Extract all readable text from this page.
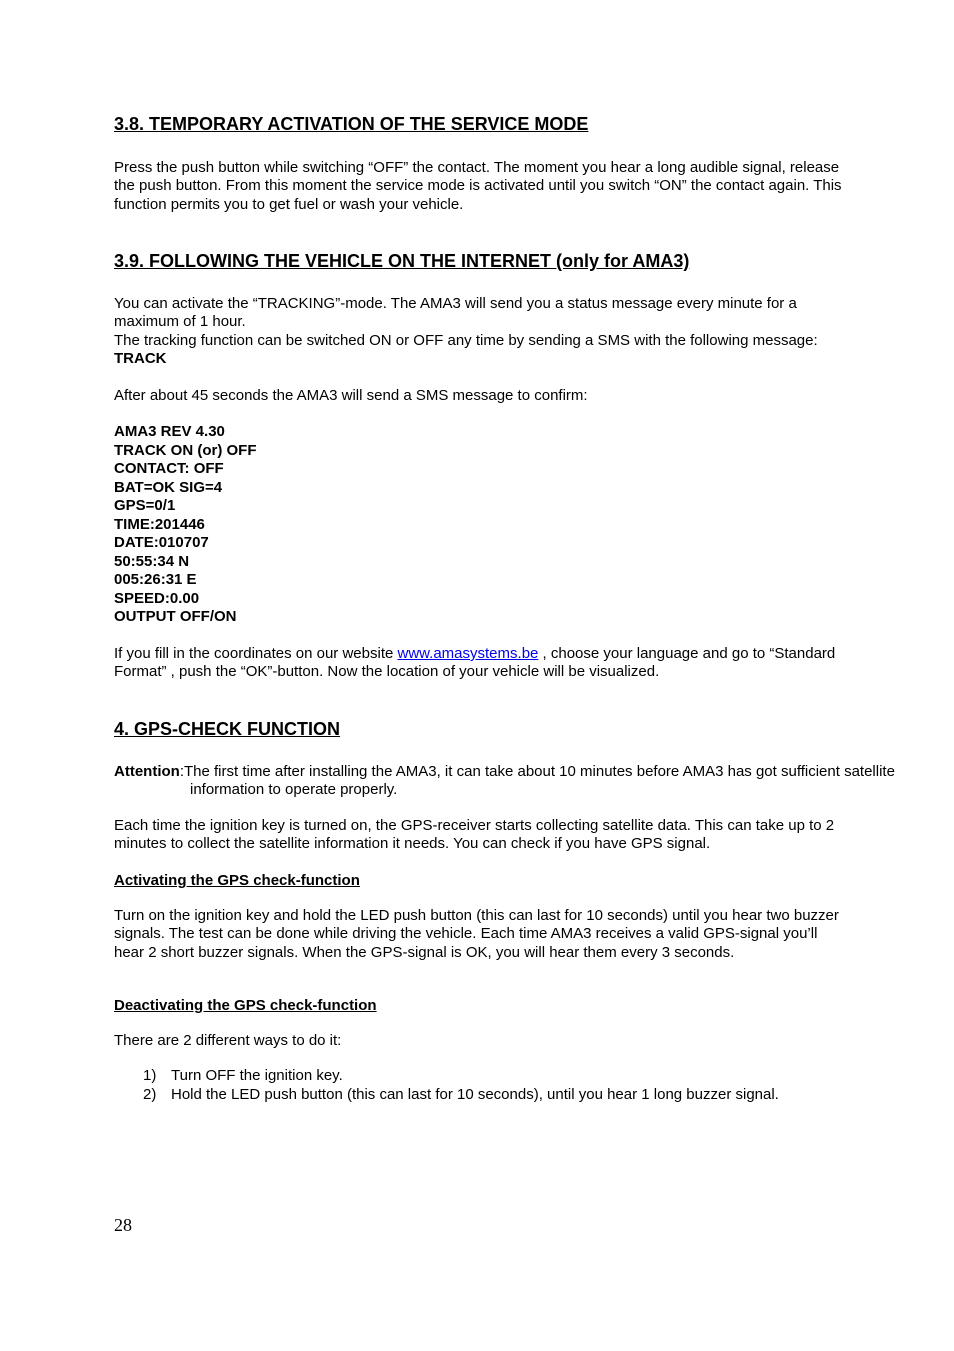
3.8. TEMPORARY ACTIVATION OF THE SERVICE MODE

Press the push button while switching “OFF” the contact. The moment you hear a long audible signal, release the push button. From this moment the service mode is activated until you switch “ON” the contact again. This function permits you to get fuel or wash your vehicle.

3.9. FOLLOWING THE VEHICLE ON THE INTERNET (only for AMA3)

You can activate the “TRACKING”-mode. The AMA3 will send you a status message every minute for a maximum of 1 hour.
The tracking function can be switched ON or OFF any time by sending a SMS with the following message: TRACK

After about 45 seconds the AMA3 will send a SMS message to confirm:

AMA3 REV 4.30
TRACK ON (or) OFF
CONTACT: OFF
BAT=OK SIG=4
GPS=0/1
TIME:201446
DATE:010707
50:55:34 N
005:26:31 E
SPEED:0.00
OUTPUT OFF/ON

If you fill in the coordinates on our website www.amasystems.be , choose your language and go to “Standard Format” , push the “OK”-button. Now the location of your vehicle will be visualized.

4. GPS-CHECK FUNCTION

Attention:The first time after installing the AMA3, it can take about 10 minutes before AMA3 has got sufficient satellite information to operate properly.

Each time the ignition key is turned on, the GPS-receiver starts collecting satellite data. This can take up to 2 minutes to collect the satellite information it needs. You can check if you have GPS signal.

Activating the GPS check-function

Turn on the ignition key and hold the LED push button (this can last for 10 seconds) until you hear two buzzer signals. The test can be done while driving the vehicle. Each time AMA3 receives a valid GPS-signal you’ll hear 2 short buzzer signals. When the GPS-signal is OK, you will hear them every 3 seconds.

Deactivating the GPS check-function

There are 2 different ways to do it:

1) Turn OFF the ignition key.
2) Hold the LED push button (this can last for 10 seconds), until you hear 1 long buzzer signal.
28
